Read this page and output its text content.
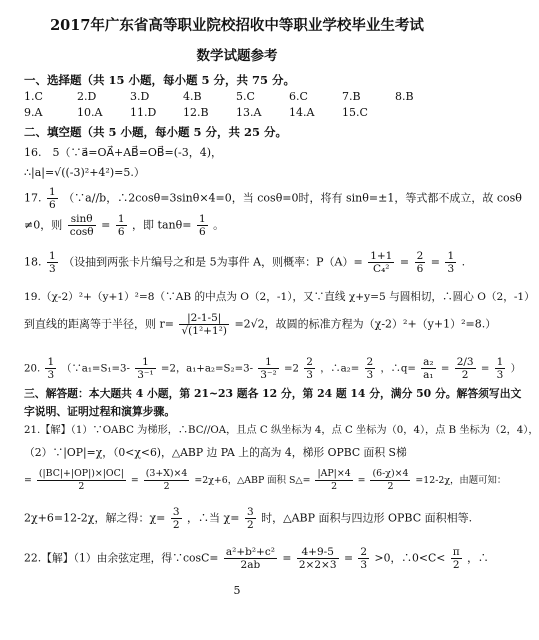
2017年广东省高等职业院校招收中等职业学校毕业生考试
数学试题参考
一、选择题（共 15 小题，每小题 5 分，共 75 分。
1.C	2.D	3.D	4.B	5.C	6.C	7.B	8.B
9.A	10.A	11.D	12.B	13.A	14.A	15.C
二、填空题（共 5 小题，每小题 5 分，共 25 分。
16.　5（∵a⃗=OA⃗+AB⃗=OB⃗=(-3，4)，
∴|a|=√((-3)²+4²)=5.）
17. $\frac{1}{6}$ （∵a//b，∴2cosθ=3sinθ×4=0，当 cosθ=0时，将有 sinθ=±1，等式都不成立，故 cosθ
≠0，则 $\frac{\sin\theta}{\cos\theta} = \frac{1}{6}$ ，即 $\tan\theta= \frac{1}{6}$ 。
18. $\frac{1}{3}$ （设抽到两张卡片编号之和是 5为事件 A，则概率：$P(A)= \frac{1+1}{\text{C₄²}} = \frac{2}{6} = \frac{1}{3}$ .
19.（χ-2）²+（y+1）²=8（∵AB 的中点为 O（2，-1），又∵直线 χ+y=5 与圆相切，∴圆心 O（2，-1）
到直线的距离等于半径，则 $r= \frac{|2-1-5|}{\text{√(1²+1²)}} =2√2$，故圆的标准方程为（χ-2）²+（y+1）²=8.）
20. $\frac{1}{3}$ （∵a₁=S₁=3- $\frac{1}{\text{3⁻¹}} =2$，$a_1+a_2=S_2=3- \frac{1}{\text{3⁻²}} =2 \frac{2}{3}$ ，∴a₂= $\frac{2}{3}$ ，∴q= $\frac{\text{a₂}}{\text{a₁}} = \frac{2/3}{2} = \frac{1}{3}$ ）
三、解答题：本大题共 4 小题，第 21~23 题各 12 分，第 24 题 14 分，满分 50 分。解答须写出文
字说明、证明过程和演算步骤。
21.【解】（1）∵OABC 为梯形，∴BC//OA，且点 C 纵坐标为 4，点 C 坐标为（0，4），点 B 坐标为（2，4），
（2）∵|OP|=χ，（0<χ<6)，△ABP 边 PA 上的高为 4，梯形 OPBC 面积 S梯
= $\frac{(|BC|+|OP|)\times|OC|}{2} = \frac{(3+X)\times 4}{2} =2\chi+6$，△ABP 面积 S△= $\frac{|AP|\times 4}{2} = \frac{(6-\chi)\times 4}{2} =12-2\chi$，由题可知：
2χ+6=12-2χ，解之得：$\chi= \frac{3}{2}$ ，∴当 $\chi= \frac{3}{2}$ 时，△ABP 面积与四边形 OPBC 面积相等.
22.【解】（1）由余弦定理，得∵cosC= $\frac{\text{a²+b²+c²}}{2ab} = \frac{4+9-5}{2\times 2\times 3} = \frac{2}{3} >0$，∴0<C< $\frac{\pi}{2}$ ，∴
5
